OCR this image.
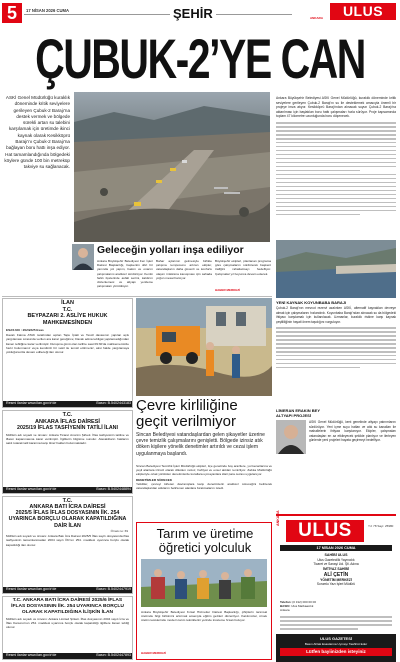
5	17 NİSAN 2026 CUMA	ŞEHİR	ANKARA	ULUS
ÇUBUK-2’YE CAN
ASKİ Genel Müdürlüğü kuraklık döneminde kritik seviyelere gerileyen Çubuk-2 Barajı'na destek vermek ve bölgede sürekli artan su talebini karşılamak için üretimde ikinci kaynak olarak Kesikköprü Barajı'nı Çubuk-2 Barajı'na bağlayan boru hattı inşa ediyor. Hat tamamlandığında bölgedeki köylere günde 100 bin metreküp takviye su sağlanacak.
Ankara Büyükşehir Belediyesi ASKİ Genel Müdürlüğü, kuraklık döneminde kritik seviyelere gerileyen Çubuk-2 Barajı'nı su ile desteklemek amacıyla önemli bir projeye imza atıyor. Kesikköprü Barajı'ndan alınacak suyun Çubuk-2 Barajı'na aktarılması için başlatılan boru hattı çalışmaları hızla sürüyor. Proje kapsamında toplam 47 kilometre uzunluğunda boru döşenecek.
Geleceğin yolları inşa ediliyor
Ankara Büyükşehir Belediyesi Fen İşleri Dairesi Başkanlığı, başkentin dört bir yanında yol yapım, bakım ve onarım çalışmalarını aralıksız sürdürüyor. Kentin farklı ilçelerinde asfalt serimi, kaldırım düzenlemesi ve altyapı yenileme çalışmaları yürütülüyor.
Bahar aylarının gelmesiyle birlikte çalışma temposunu artıran ekipler, vatandaşların daha güvenli ve konforlu ulaşım imkânına kavuşması için sahada yoğun mesai harcıyor.
Büyükşehir ekipleri, planlanan programa göre çalışmalarını sürdürerek başkent trafiğini rahatlatmayı hedefliyor. Çalışmalar yıl boyunca devam edecek.
HABER MERKEZİ
YENİ KAYNAK KOYUNBABA BARAJI
Çubuk-2 Barajı'nın mevcut rezervi azalırken ASKİ, alternatif kaynakları devreye almak için çalışmalarını hızlandırdı. Koyunbaba Barajı'ndan alınacak su da bölgedeki ihtiyacı karşılamak için kullanılacak. Uzmanlar, kuraklık riskine karşı kaynak çeşitliliğinin hayati önem taşıdığını vurguluyor.
İLAN
T.C.
BEYPAZARI 2. ASLİYE HUKUK MAHKEMESİNDEN
ESAS NO : 2024/225 Esas
Davalı Fatma ATAK tarafından açılan Tapu İptali ve Tescil davasının yapılan açık yargılaması sırasında verilen ara karar gereğince; Davalı adına tebligat yapılamadığından ilanen tebliğine karar verilmiştir. Duruşma günü olan tarihte saat 09:30'da mahkememizde hazır bulunmanız veya kendinizi bir vekil ile temsil ettirmeniz, aksi halde yargılamaya yokluğunuzda devam edileceği ilan olunur.
Resmi ilanlar www.ilan.gov.tr'de	Basın: B.5402443183
T.C.
ANKARA İFLAS DAİRESİ
2025/19 İFLAS TASFİYENİN TATİLİ İLANI
Müflisin adı soyadı ve ünvanı: Ankara Ticaret Anonim Şirketi. İflas tasfiyesinin tatiline ve iflasın kapanmasına karar verilmiştir. İlgililerin bilgisine sunulur. Alacaklıların haklarını saklı tutarak tatil kararına karşı itiraz hakları bulunmaktadır.
Resmi ilanlar www.ilan.gov.tr'de	Basın: B.5402448894
T.C.
ANKARA BATI İCRA DAİRESİ
2025/5 İFLAS İFLAS DOSYASININ İİK. 254 UYARINCA BORÇLU OLARAK KAPATILDIĞINA DAİR İLAN
Örnek no: 69
Müflisin adı soyadı ve ünvanı: Ankara Batı İcra Dairesi 2025/5 İflas sayılı dosyasında iflas tasfiyesinin tamamlanmadan 2004 sayılı İİK'nın 254. maddesi uyarınca borçlu olarak kapatıldığı ilan olunur.
Resmi ilanlar www.ilan.gov.tr'de	Basın: B.5402447919
T.C. ANKARA BATI İCRA DAİRESİ 2025/6 İFLAS
İFLAS DOSYASININ İİK. 254 UYARINCA BORÇLU
OLARAK KAPATILDIĞINA İLİŞKİN İLAN
Müflisin adı soyadı ve ünvanı: Ankara Limited Şirketi. İflas dosyasının 2004 sayılı İcra ve İflas Kanunu'nun 254. maddesi uyarınca borçlu olarak kapatıldığı ilgililere ilanen tebliğ olunur.
Resmi ilanlar www.ilan.gov.tr'de	Basın: B.5402447893
Çevre kirliliğine
geçit verilmiyor
Sincan Belediyesi vatandaşlardan gelen şikayetler üzerine çevre temizlik çalışmalarını genişletti. Bölgede izinsiz atık döken kişilere yönelik denetimler artırıldı ve cezai işlem uygulanmaya başlandı.
Sincan Belediyesi Temizlik İşleri Müdürlüğü ekipleri, ilçe genelinde boş arazilere, yol kenarlarına ve yeşil alanlara izinsiz olarak dökülen moloz, hafriyat ve evsel atıkları temizliyor. Zabıta Müdürlüğü ekipleriyle ortak yürütülen denetimlerde kurallara uymayanlara idari para cezası uygulanıyor.
DENETİMLER SÜRECEK
Yetkililer, çevreyi kirleten davranışlara karşı denetimlerin aralıksız süreceğini belirterek vatandaşlardan atıklarını belirlenen alanlara bırakmalarını istedi.
Tarım ve üretime
öğretici yolculuk
Ankara Büyükşehir Belediyesi Kırsal Hizmetler Dairesi Başkanlığı, çiftçilerin tarımsal üretimde bilgi birikimini artırmak amacıyla eğitim gezileri düzenliyor. Katılımcılar, örnek üretim tesislerinde modern tarım tekniklerini yerinde inceleme fırsatı buluyor.
HABER MERKEZİ
LİMERAN ERAKIN BEY
ALTYAPI PROJESİ
ASKİ Genel Müdürlüğü, kent genelinde altyapı yatırımlarını sürdürüyor. Yeni içme suyu hatları ve atık su kanalları ile mahallelerin ihtiyacı karşılanıyor. Ekipler, çalışmaları vatandaşları en az etkileyecek şekilde planlıyor ve ilerleyen günlerde yeni projeleri hayata geçirmeyi hedefliyor.
ANKARA
ULUS	Yıl: 78 Sayı: 25980
17 NİSAN 2026 CUMA
SAHİBİ ULUS
Ulus Gazetecilik Yayıncılık
Ticaret ve Sanayi Ltd. Şti. Adına
İMTİYAZ SAHİBİ
ALİ ÇETİN
YÖNETİM MERKEZİ
Sorumlu Yazı İşleri Müdürü
Telefon: (0 312) 000 00 00
BASKI: Ulus Matbaacılık
Ankara
ULUS GAZETESİ
Basın Ahlak Esaslarına Uymayı Taahhüt Eder
Lütfen bayiinizden isteyiniz
